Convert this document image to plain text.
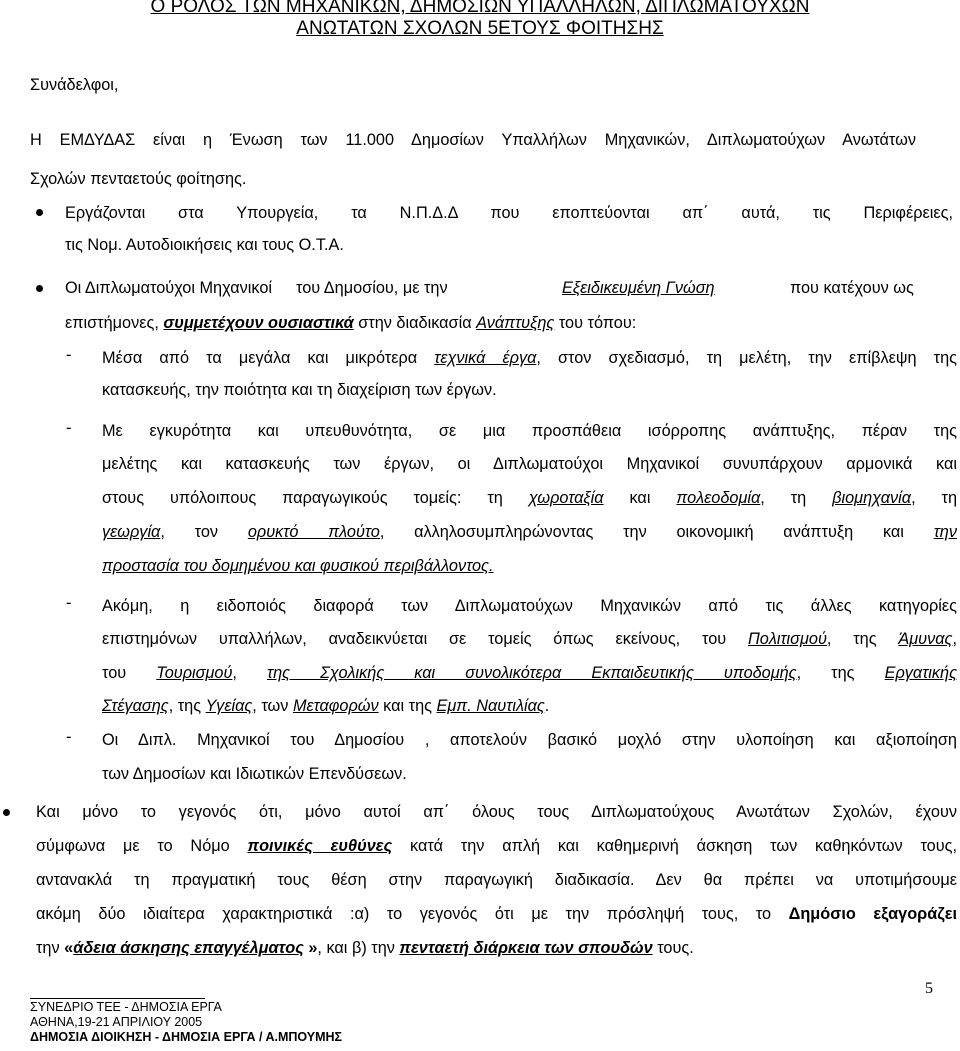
Ο ΡΟΛΟΣ ΤΩΝ ΜΗΧΑΝΙΚΩΝ, ΔΗΜΟΣΙΩΝ ΥΠΑΛΛΗΛΩΝ, ΔΙΠΛΩΜΑΤΟΥΧΩΝ
ΑΝΩΤΑΤΩΝ ΣΧΟΛΩΝ 5ΕΤΟΥΣ ΦΟΙΤΗΣΗΣ
Συνάδελφοι,
Η ΕΜΔΥΔΑΣ είναι η Ένωση των 11.000 Δημοσίων Υπαλλήλων Μηχανικών, Διπλωματούχων Ανωτάτων
Σχολών πενταετούς φοίτησης.
Εργάζονται στα Υπουργεία, τα Ν.Π.Δ.Δ που εποπτεύονται απ΄ αυτά, τις Περιφέρειες,
τις Νομ. Αυτοδιοικήσεις και τους Ο.Τ.Α.
Οι Διπλωματούχοι Μηχανικοί του Δημοσίου, με την	Εξειδικευμένη Γνώση	που κατέχουν ως
επιστήμονες, συμμετέχουν ουσιαστικά στην διαδικασία Ανάπτυξης του τόπου:
- Μέσα από τα μεγάλα και μικρότερα τεχνικά έργα, στον σχεδιασμό, τη μελέτη, την επίβλεψη της
κατασκευής, την ποιότητα και τη διαχείριση των έργων.
- Με εγκυρότητα και υπευθυνότητα, σε μια προσπάθεια ισόρροπης ανάπτυξης, πέραν της
μελέτης και κατασκευής των έργων, οι Διπλωματούχοι Μηχανικοί συνυπάρχουν αρμονικά και
στους υπόλοιπους παραγωγικούς τομείς: τη χωροταξία και πολεοδομία, τη βιομηχανία, τη
γεωργία, τον ορυκτό πλούτο, αλληλοσυμπληρώνοντας την οικονομική ανάπτυξη και την
προστασία του δομημένου και φυσικού περιβάλλοντος.
- Ακόμη, η ειδοποιός διαφορά των Διπλωματούχων Μηχανικών από τις άλλες κατηγορίες
επιστημόνων υπαλλήλων, αναδεικνύεται σε τομείς όπως εκείνους, του Πολιτισμού, της Άμυνας,
του Τουρισμού, της Σχολικής και συνολικότερα Εκπαιδευτικής υποδομής, της Εργατικής
Στέγασης, της Υγείας, των Μεταφορών και της Εμπ. Ναυτιλίας.
- Οι Διπλ. Μηχανικοί του Δημοσίου , αποτελούν βασικό μοχλό στην υλοποίηση και αξιοποίηση
των Δημοσίων και Ιδιωτικών Επενδύσεων.
Και μόνο το γεγονός ότι, μόνο αυτοί απ΄ όλους τους Διπλωματούχους Ανωτάτων Σχολών, έχουν
σύμφωνα με το Νόμο ποινικές ευθύνες κατά την απλή και καθημερινή άσκηση των καθηκόντων τους,
αντανακλά τη πραγματική τους θέση στην παραγωγική διαδικασία. Δεν θα πρέπει να υποτιμήσουμε
ακόμη δύο ιδιαίτερα χαρακτηριστικά :α) το γεγονός ότι με την πρόσληψή τους, το Δημόσιο εξαγοράζει
την «άδεια άσκησης επαγγέλματος », και β) την πενταετή διάρκεια των σπουδών τους.
5
ΣΥΝΕΔΡΙΟ ΤΕΕ - ΔΗΜΟΣΙΑ ΕΡΓΑ
ΑΘΗΝΑ,19-21 ΑΠΡΙΛΙΟΥ 2005
ΔΗΜΟΣΙΑ ΔΙΟΙΚΗΣΗ - ΔΗΜΟΣΙΑ ΕΡΓΑ / Α.ΜΠΟΥΜΗΣ
